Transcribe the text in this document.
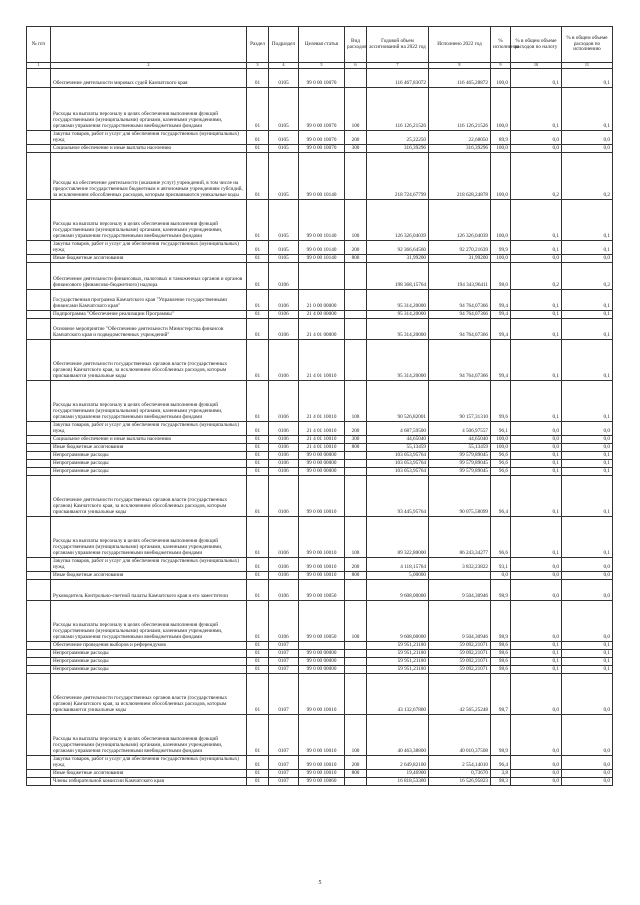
№ п/п		Раздел	Подраздел	Целевая статья	Вид расходов	Годовой объем ассигнований на 2022 год	Исполнено 2022 год	% исполнения	% в общем объеме расходов по налогу	% в общем объеме расходов по исполнению
1	2	3	4	5	6	7	8	9	10	11
	Обеспечение деятельности мировых судей Камчатского края	01	0105	99 0 00 10070		116 467,83072	116 465,28872	100,0	0,1	0,1
	Расходы на выплаты персоналу в целях обеспечения выполнения функций государственными (муниципальными) органами, казенными учреждениями, органами управления государственными внебюджетными фондами	01	0105	99 0 00 10070	100	116 126,21526	116 126,21526	100,0	0,1	0,1
	Закупка товаров, работ и услуг для обеспечения государственных (муниципальных) нужд	01	0105	99 0 00 10070	200	25,22250	22,68050	89,9	0,0	0,0
	Социальное обеспечение и иные выплаты населению	01	0105	99 0 00 10070	300	316,39296	316,39296	100,0	0,0	0,0
	Расходы на обеспечение деятельности (оказание услуг) учреждений, в том числе на предоставление государственным бюджетным и автономным учреждениям субсидий, за исключением обособленных расходов, которым присваиваются уникальные коды	01	0105	99 0 00 10140		218 724,67799	218 628,24878	100,0	0,2	0,2
	Расходы на выплаты персоналу в целях обеспечения выполнения функций государственными (муниципальными) органами, казенными учреждениями, органами управления государственными внебюджетными фондами	01	0105	99 0 00 10140	100	126 326,04039	126 326,04039	100,0	0,1	0,1
	Закупка товаров, работ и услуг для обеспечения государственных (муниципальных) нужд	01	0105	99 0 00 10140	200	92 366,64560	92 270,21639	99,9	0,1	0,1
	Иные бюджетные ассигнования	01	0105	99 0 00 10140	800	31,99200	31,99200	100,0	0,0	0,0
	Обеспечение деятельности финансовых, налоговых и таможенных органов и органов финансового (финансово-бюджетного) надзора	01	0106			198 368,15764	194 343,96411	98,0	0,2	0,2
	Государственная программа Камчатского края "Управление государственными финансами Камчатского края"	01	0106	21 0 00 00000		95 314,20000	94 764,07366	99,4	0,1	0,1
	Подпрограмма "Обеспечение реализации Программы"	01	0106	21 4 00 00000		95 314,20000	94 764,07366	99,4	0,1	0,1
	Основное мероприятие "Обеспечение деятельности Министерства финансов Камчатского края и подведомственных учреждений"	01	0106	21 4 01 00000		95 314,20000	94 764,07366	99,4	0,1	0,1
	Обеспечение деятельности государственных органов власти (государственных органов) Камчатского края, за исключением обособленных расходов, которым присваиваются уникальные коды	01	0106	21 4 01 10010		95 314,20000	94 764,07366	99,4	0,1	0,1
	Расходы на выплаты персоналу в целях обеспечения выполнения функций государственными (муниципальными) органами, казенными учреждениями, органами управления государственными внебюджетными фондами	01	0106	21 4 01 10010	100	90 526,82001	90 157,31310	99,6	0,1	0,1
	Закупка товаров, работ и услуг для обеспечения государственных (муниципальных) нужд	01	0106	21 4 01 10010	200	4 687,59500	4 506,97557	96,1	0,0	0,0
	Социальное обеспечение и иные выплаты населению	01	0106	21 4 01 10010	300	44,65040	44,65040	100,0	0,0	0,0
	Иные бюджетные ассигнования	01	0106	21 4 01 10010	800	55,13459	55,13459	100,0	0,0	0,0
	Непрограммные расходы	01	0106	99 0 00 00000		103 053,95764	99 579,89045	96,6	0,1	0,1
	Непрограммные расходы	01	0106	99 0 00 00000		103 053,95764	99 579,89045	96,6	0,1	0,1
	Непрограммные расходы	01	0106	99 0 00 00000		103 053,95764	99 579,89045	96,6	0,1	0,1
	Обеспечение деятельности государственных органов власти (государственных органов) Камчатского края, за исключением обособленных расходов, которым присваиваются уникальные коды	01	0106	99 0 00 10010		93 445,95764	90 075,58099	96,4	0,1	0,1
	Расходы на выплаты персоналу в целях обеспечения выполнения функций государственными (муниципальными) органами, казенными учреждениями, органами управления государственными внебюджетными фондами	01	0106	99 0 00 10010	100	89 322,80000	86 243,34277	96,6	0,1	0,1
	Закупка товаров, работ и услуг для обеспечения государственных (муниципальных) нужд	01	0106	99 0 00 10010	200	4 118,15764	3 832,23822	93,1	0,0	0,0
	Иные бюджетные ассигнования	01	0106	99 0 00 10010	800	5,00000		0,0	0,0	0,0
	Руководитель Контрольно-счетной палаты Камчатского края и его заместители	01	0106	99 0 00 10050		9 608,00000	9 504,30946	98,9	0,0	0,0
	Расходы на выплаты персоналу в целях обеспечения выполнения функций государственными (муниципальными) органами, казенными учреждениями, органами управления государственными внебюджетными фондами	01	0106	99 0 00 10050	100	9 608,00000	9 504,30946	98,9	0,0	0,0
	Обеспечение проведения выборов и референдумов	01	0107			59 951,21100	59 092,21071	98,6	0,1	0,1
	Непрограммные расходы	01	0107	99 0 00 00000		59 951,21100	59 092,21071	98,6	0,1	0,1
	Непрограммные расходы	01	0107	99 0 00 00000		59 951,21100	59 092,21071	98,6	0,1	0,1
	Непрограммные расходы	01	0107	99 0 00 00000		59 951,21100	59 092,21071	98,6	0,1	0,1
	Обеспечение деятельности государственных органов власти (государственных органов) Камчатского края, за исключением обособленных расходов, которым присваиваются уникальные коды	01	0107	99 0 00 10010		43 132,67800	42 565,25248	98,7	0,0	0,0
	Расходы на выплаты персоналу в целях обеспечения выполнения функций государственными (муниципальными) органами, казенными учреждениями, органами управления государственными внебюджетными фондами	01	0107	99 0 00 10010	100	40 463,38800	40 010,37508	98,9	0,0	0,0
	Закупка товаров, работ и услуг для обеспечения государственных (муниципальных) нужд	01	0107	99 0 00 10010	200	2 649,82100	2 554,14010	96,4	0,0	0,0
	Иные бюджетные ассигнования	01	0107	99 0 00 10010	800	19,46900	0,73670	3,8	0,0	0,0
	Члены избирательной комиссии Камчатского края	01	0107	99 0 00 10060		16 818,53300	16 526,95823	98,3	0,0	0,0
5
